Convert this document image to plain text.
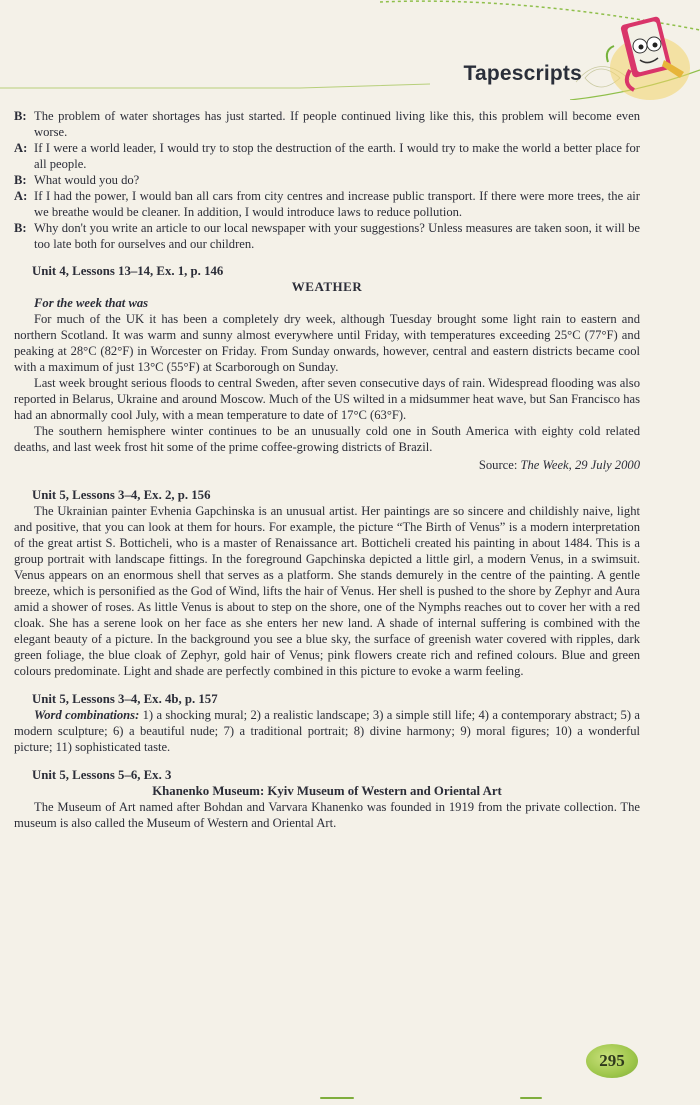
Tapescripts
B: The problem of water shortages has just started. If people continued living like this, this problem will become even worse.
A: If I were a world leader, I would try to stop the destruction of the earth. I would try to make the world a better place for all people.
B: What would you do?
A: If I had the power, I would ban all cars from city centres and increase public transport. If there were more trees, the air we breathe would be cleaner. In addition, I would introduce laws to reduce pollution.
B: Why don't you write an article to our local newspaper with your suggestions? Unless measures are taken soon, it will be too late both for ourselves and our children.
Unit 4, Lessons 13–14, Ex. 1, p. 146
WEATHER
For the week that was

For much of the UK it has been a completely dry week, although Tuesday brought some light rain to eastern and northern Scotland. It was warm and sunny almost everywhere until Friday, with temperatures exceeding 25°C (77°F) and peaking at 28°C (82°F) in Worcester on Friday. From Sunday onwards, however, central and eastern districts became cool with a maximum of just 13°C (55°F) at Scarborough on Sunday.

Last week brought serious floods to central Sweden, after seven consecutive days of rain. Widespread flooding was also reported in Belarus, Ukraine and around Moscow. Much of the US wilted in a midsummer heat wave, but San Francisco has had an abnormally cool July, with a mean temperature to date of 17°C (63°F).

The southern hemisphere winter continues to be an unusually cold one in South America with eighty cold related deaths, and last week frost hit some of the prime coffee-growing districts of Brazil.

Source: The Week, 29 July 2000
Unit 5, Lessons 3–4, Ex. 2, p. 156

The Ukrainian painter Evhenia Gapchinska is an unusual artist. Her paintings are so sincere and childishly naive, light and positive, that you can look at them for hours. For example, the picture “The Birth of Venus” is a modern interpretation of the great artist S. Botticheli, who is a master of Renaissance art. Botticheli created his painting in about 1484. This is a group portrait with landscape fittings. In the foreground Gapchinska depicted a little girl, a modern Venus, in a swimsuit. Venus appears on an enormous shell that serves as a platform. She stands demurely in the centre of the painting. A gentle breeze, which is personified as the God of Wind, lifts the hair of Venus. Her shell is pushed to the shore by Zephyr and Aura amid a shower of roses. As little Venus is about to step on the shore, one of the Nymphs reaches out to cover her with a red cloak. She has a serene look on her face as she enters her new land. A shade of internal suffering is combined with the elegant beauty of a picture. In the background you see a blue sky, the surface of greenish water covered with ripples, dark green foliage, the blue cloak of Zephyr, gold hair of Venus; pink flowers create rich and refined colours. Blue and green colours predominate. Light and shade are perfectly combined in this picture to evoke a warm feeling.

Unit 5, Lessons 3–4, Ex. 4b, p. 157

Word combinations: 1) a shocking mural; 2) a realistic landscape; 3) a simple still life; 4) a contemporary abstract; 5) a modern sculpture; 6) a beautiful nude; 7) a traditional portrait; 8) divine harmony; 9) moral figures; 10) a wonderful picture; 11) sophisticated taste.

Unit 5, Lessons 5–6, Ex. 3
Khanenko Museum: Kyiv Museum of Western and Oriental Art

The Museum of Art named after Bohdan and Varvara Khanenko was founded in 1919 from the private collection. The museum is also called the Museum of Western and Oriental Art.

295
